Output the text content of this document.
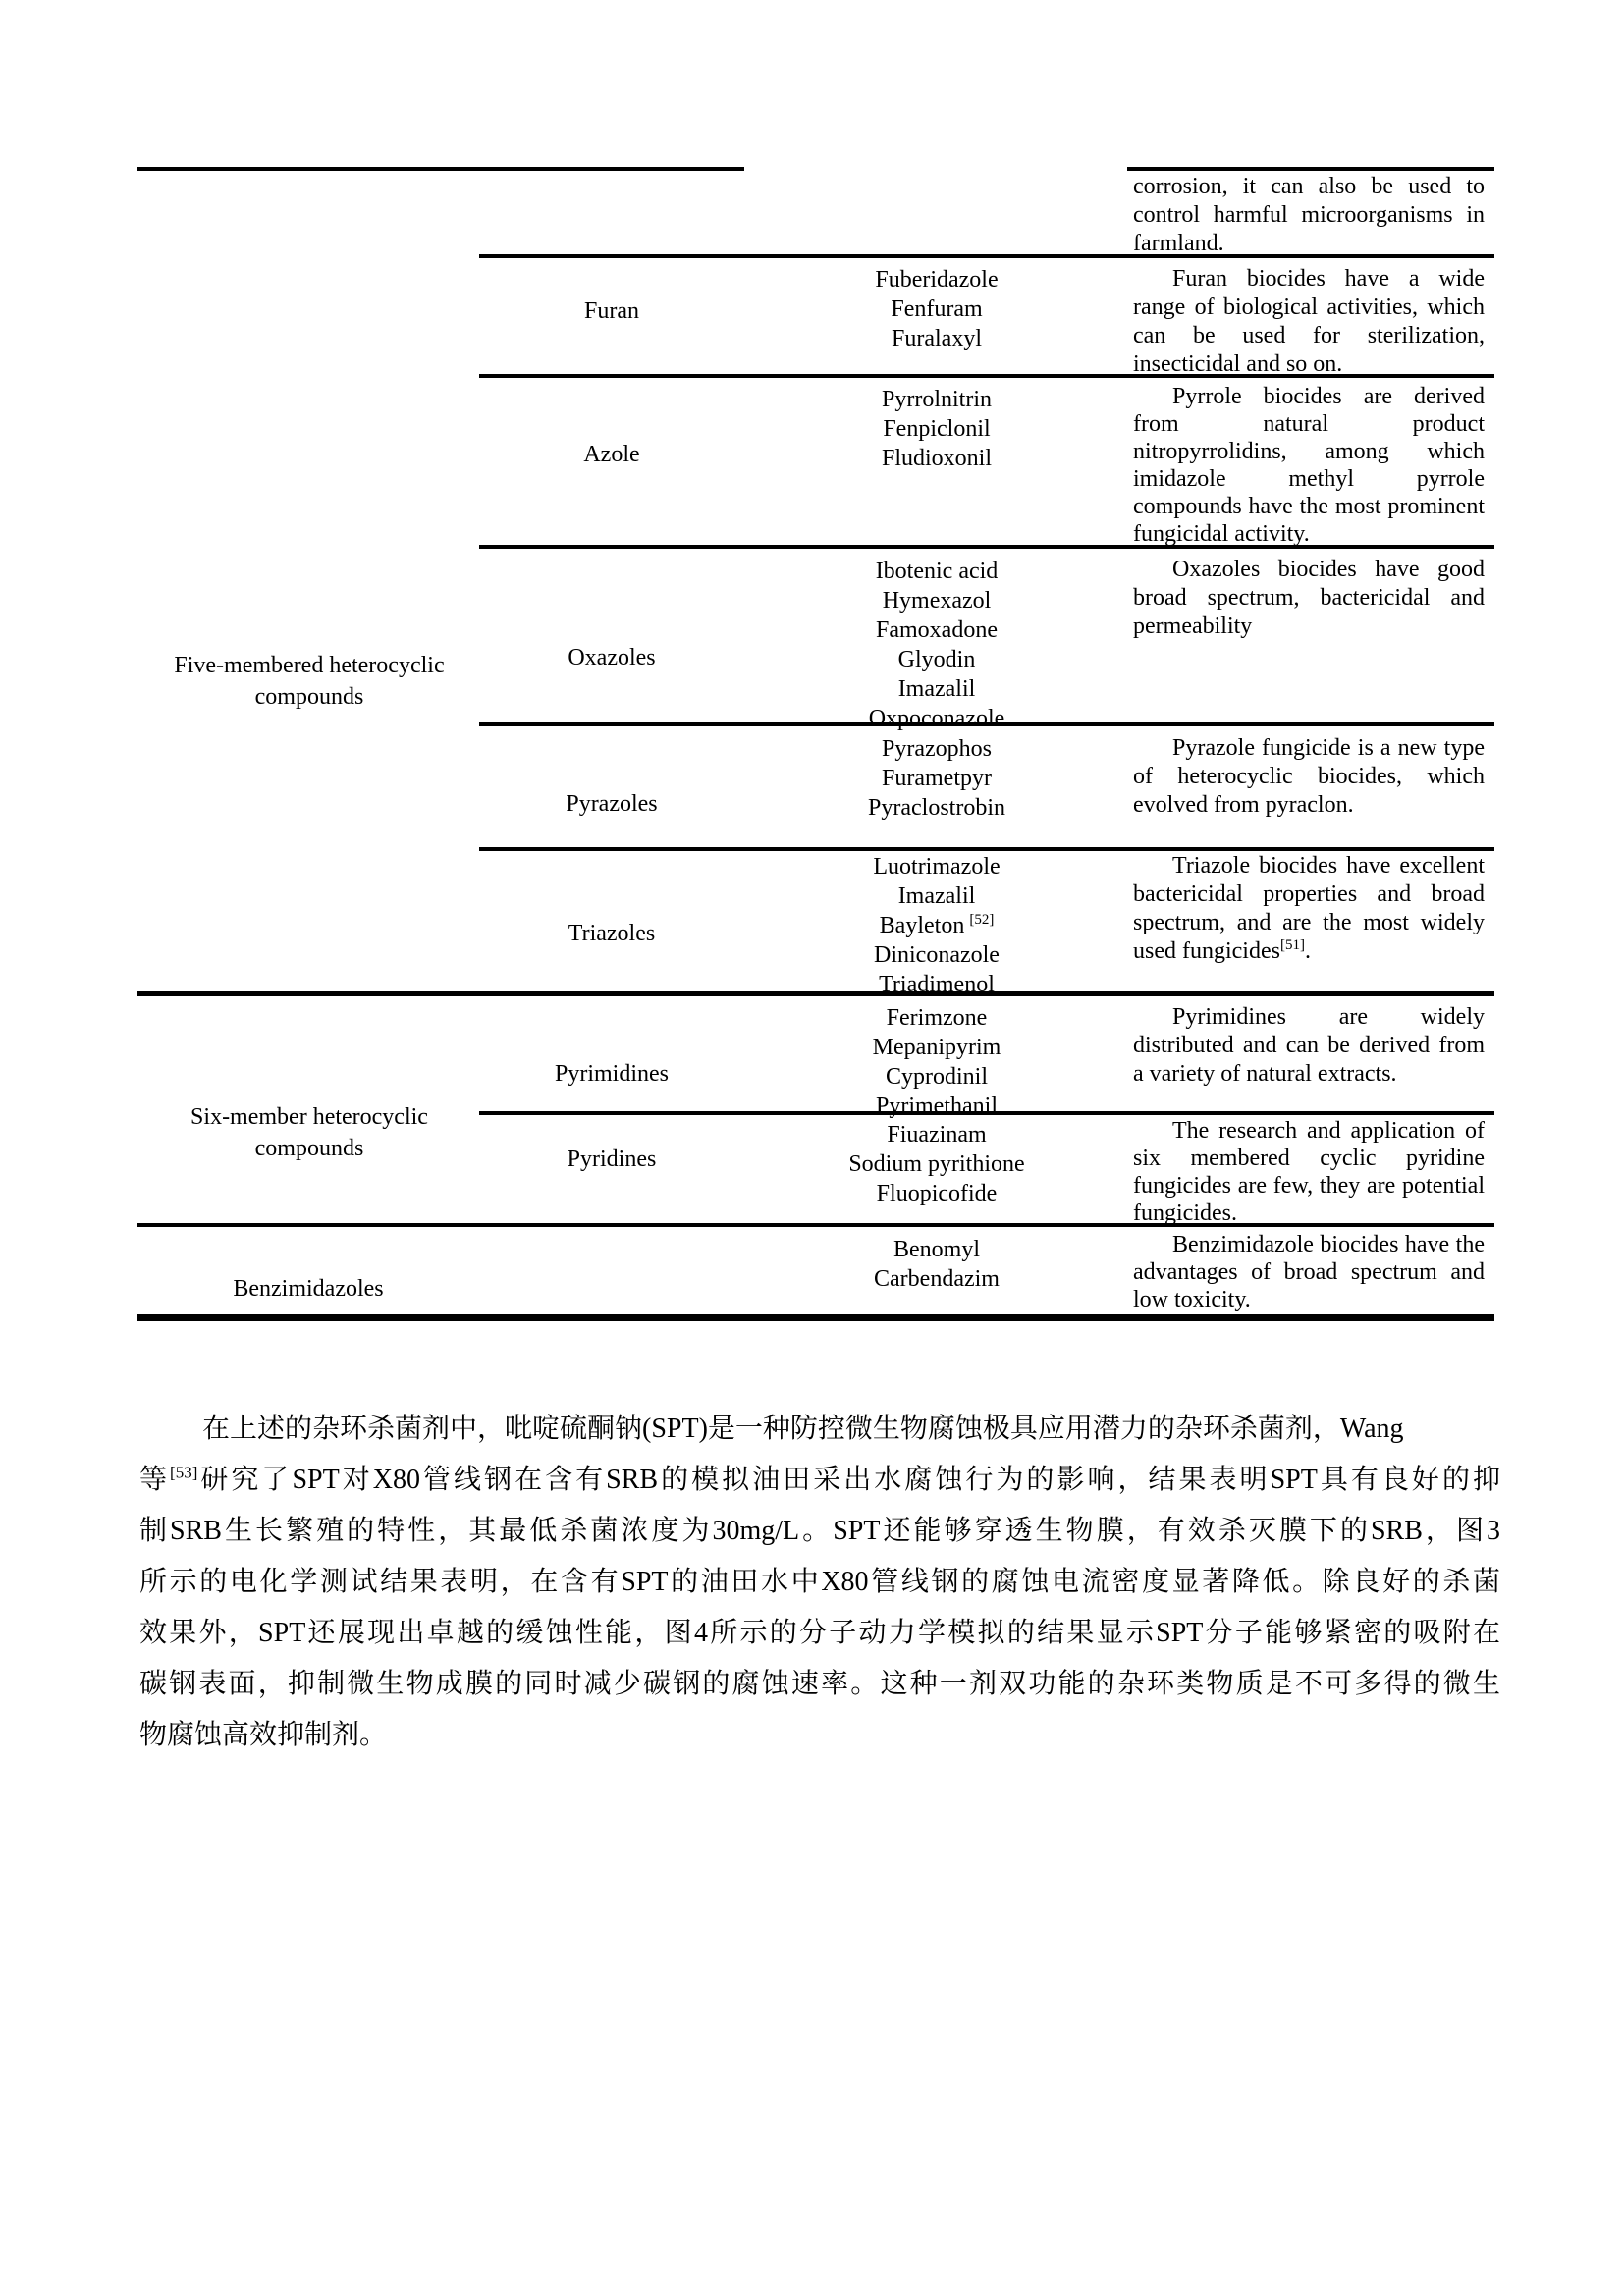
corrosion, it can also be used to control harmful microorganisms in farmland.
Five-membered heterocyclic compounds
Six-member heterocyclic compounds
Benzimidazoles
Furan
Azole
Oxazoles
Pyrazoles
Triazoles
Pyrimidines
Pyridines
Fuberidazole
Fenfuram
Furalaxyl
Pyrrolnitrin
Fenpiclonil
Fludioxonil
Ibotenic acid
Hymexazol
Famoxadone
Glyodin
Imazalil
Oxpoconazole
Pyrazophos
Furametpyr
Pyraclostrobin
Luotrimazole
Imazalil
Bayleton [52]
Diniconazole
Triadimenol
Ferimzone
Mepanipyrim
Cyprodinil
Pyrimethanil
Fiuazinam
Sodium pyrithione
Fluopicofide
Benomyl
Carbendazim
Furan biocides have a wide range of biological activities, which can be used for sterilization, insecticidal and so on.
Pyrrole biocides are derived from natural product nitropyrrolidins, among which imidazole methyl pyrrole compounds have the most prominent fungicidal activity.
Oxazoles biocides have good broad spectrum, bactericidal and permeability
Pyrazole fungicide is a new type of heterocyclic biocides, which evolved from pyraclon.
Triazole biocides have excellent bactericidal properties and broad spectrum, and are the most widely used fungicides[51].
Pyrimidines are widely distributed and can be derived from a variety of natural extracts.
The research and application of six membered cyclic pyridine fungicides are few, they are potential fungicides.
Benzimidazole biocides have the advantages of broad spectrum and low toxicity.
在上述的杂环杀菌剂中，吡啶硫酮钠(SPT)是一种防控微生物腐蚀极具应用潜力的杂环杀菌剂，Wang
等[53]研究了SPT对X80管线钢在含有SRB的模拟油田采出水腐蚀行为的影响，结果表明SPT具有良好的抑
制SRB生长繁殖的特性，其最低杀菌浓度为30mg/L。SPT还能够穿透生物膜，有效杀灭膜下的SRB，图3
所示的电化学测试结果表明，在含有SPT的油田水中X80管线钢的腐蚀电流密度显著降低。除良好的杀菌
效果外，SPT还展现出卓越的缓蚀性能，图4所示的分子动力学模拟的结果显示SPT分子能够紧密的吸附在
碳钢表面，抑制微生物成膜的同时减少碳钢的腐蚀速率。这种一剂双功能的杂环类物质是不可多得的微生
物腐蚀高效抑制剂。
